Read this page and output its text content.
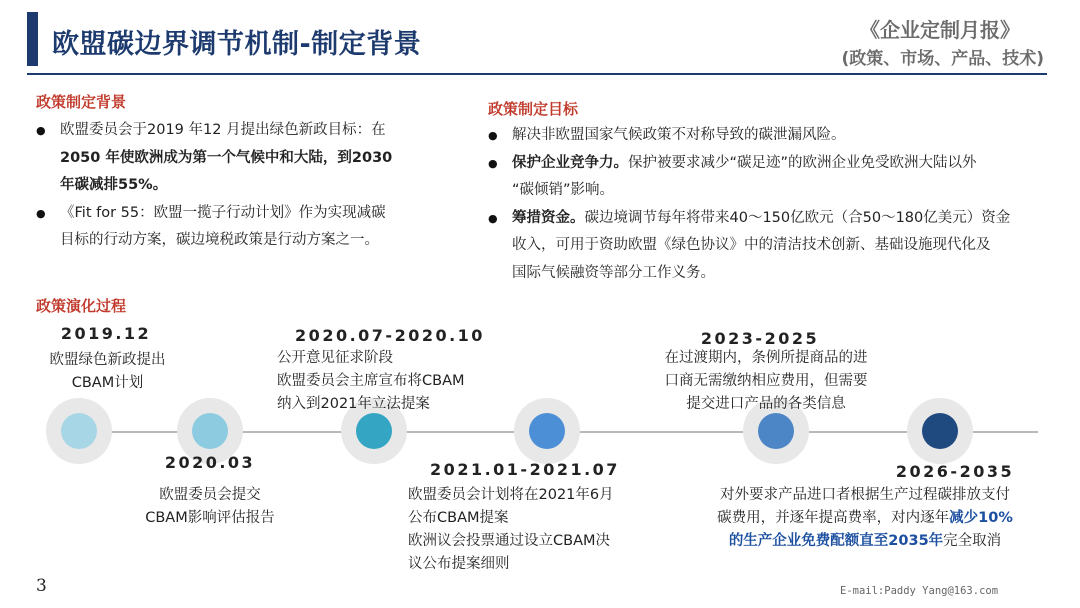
欧盟碳边界调节机制-制定背景	《企业定制月报》
(政策、市场、产品、技术)
政策制定背景
● 欧盟委员会于2019 年12 月提出绿色新政目标：在
2050 年使欧洲成为第一个气候中和大陆，到2030
年碳减排55%。
● 《Fit for 55：欧盟一揽子行动计划》作为实现减碳
目标的行动方案，碳边境税政策是行动方案之一。
政策制定目标
● 解决非欧盟国家气候政策不对称导致的碳泄漏风险。
● 保护企业竞争力。保护被要求减少“碳足迹”的欧洲企业免受欧洲大陆以外
“碳倾销”影响。
● 筹措资金。碳边境调节每年将带来40～150亿欧元（合50～180亿美元）资金
收入，可用于资助欧盟《绿色协议》中的清洁技术创新、基础设施现代化及
国际气候融资等部分工作义务。
政策演化过程
2019.12
欧盟绿色新政提出
CBAM计划
2020.03
欧盟委员会提交
CBAM影响评估报告
2020.07-2020.10
公开意见征求阶段
欧盟委员会主席宣布将CBAM
纳入到2021年立法提案
2021.01-2021.07
欧盟委员会计划将在2021年6月
公布CBAM提案
欧洲议会投票通过设立CBAM决
议公布提案细则
2023-2025
在过渡期内，条例所提商品的进
口商无需缴纳相应费用，但需要
提交进口产品的各类信息
2026-2035
对外要求产品进口者根据生产过程碳排放支付
碳费用，并逐年提高费率，对内逐年减少10%
的生产企业免费配额直至2035年完全取消
3	E-mail:Paddy Yang@163.com
